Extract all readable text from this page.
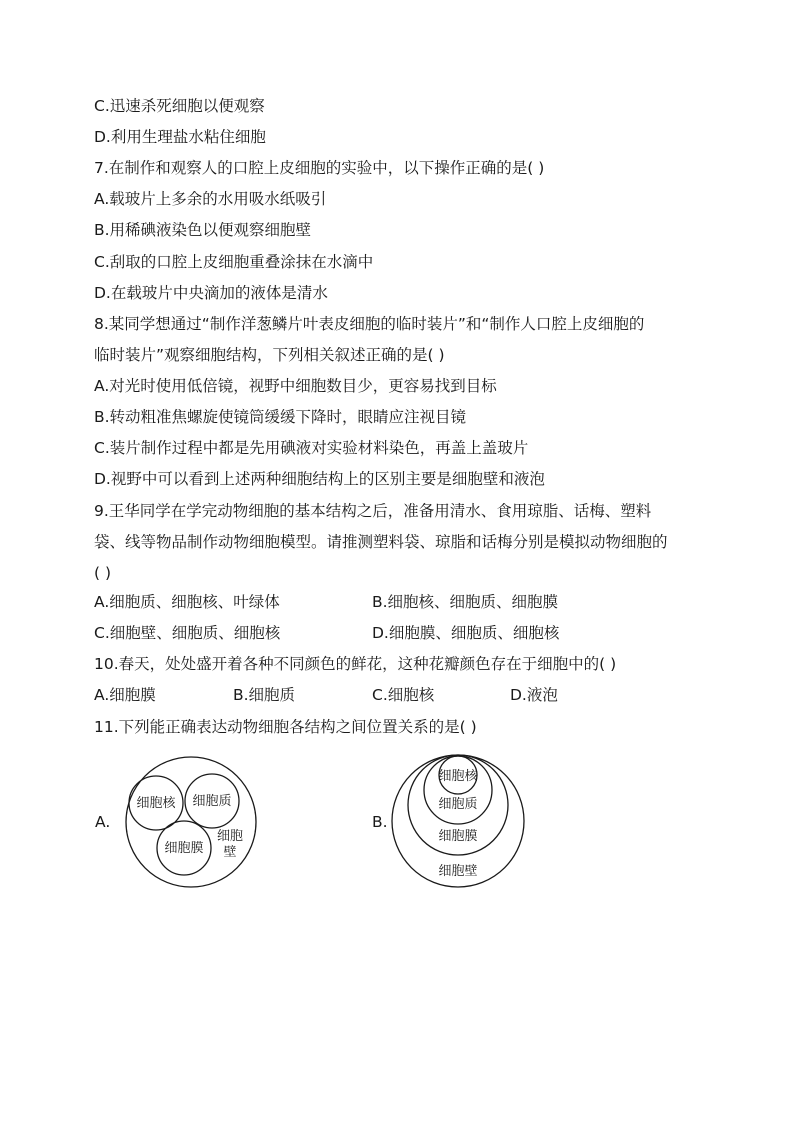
C.迅速杀死细胞以便观察
D.利用生理盐水粘住细胞
7.在制作和观察人的口腔上皮细胞的实验中，以下操作正确的是( )
A.载玻片上多余的水用吸水纸吸引
B.用稀碘液染色以便观察细胞壁
C.刮取的口腔上皮细胞重叠涂抹在水滴中
D.在载玻片中央滴加的液体是清水
8.某同学想通过“制作洋葱鳞片叶表皮细胞的临时装片”和“制作人口腔上皮细胞的
临时装片”观察细胞结构，下列相关叙述正确的是( )
A.对光时使用低倍镜，视野中细胞数目少，更容易找到目标
B.转动粗准焦螺旋使镜筒缓缓下降时，眼睛应注视目镜
C.装片制作过程中都是先用碘液对实验材料染色，再盖上盖玻片
D.视野中可以看到上述两种细胞结构上的区别主要是细胞壁和液泡
9.王华同学在学完动物细胞的基本结构之后，准备用清水、食用琼脂、话梅、塑料
袋、线等物品制作动物细胞模型。请推测塑料袋、琼脂和话梅分别是模拟动物细胞的
( )
A.细胞质、细胞核、叶绿体	B.细胞核、细胞质、细胞膜
C.细胞壁、细胞质、细胞核	D.细胞膜、细胞质、细胞核
10.春天，处处盛开着各种不同颜色的鲜花，这种花瓣颜色存在于细胞中的( )
A.细胞膜	B.细胞质	C.细胞核	D.液泡
11.下列能正确表达动物细胞各结构之间位置关系的是( )
A.
细胞核 细胞质
细胞膜
细胞
壁
B.
细胞核
细胞质
细胞膜
细胞壁
